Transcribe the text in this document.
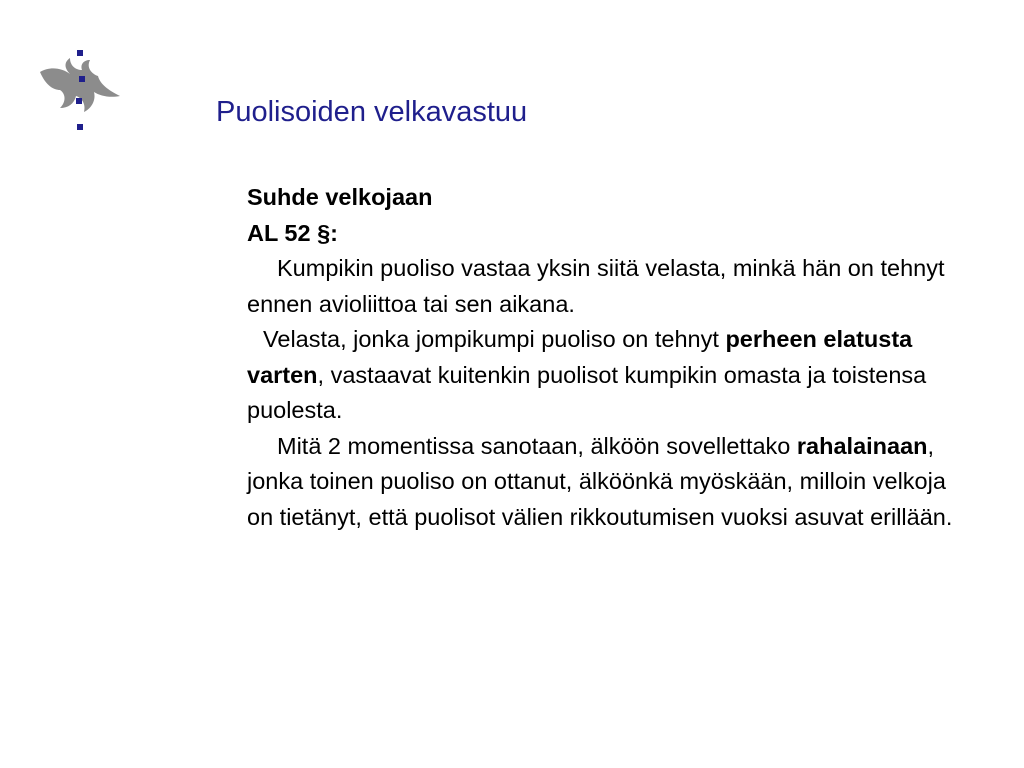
Puolisoiden velkavastuu

Suhde velkojaan

AL 52 §:

Kumpikin puoliso vastaa yksin siitä velasta, minkä hän on tehnyt ennen avioliittoa tai sen aikana.

Velasta, jonka jompikumpi puoliso on tehnyt perheen elatusta varten, vastaavat kuitenkin puolisot kumpikin omasta ja toistensa puolesta.

Mitä 2 momentissa sanotaan, älköön sovellettako rahalainaan, jonka toinen puoliso on ottanut, älköönkä myöskään, milloin velkoja on tietänyt, että puolisot välien rikkoutumisen vuoksi asuvat erillään.
